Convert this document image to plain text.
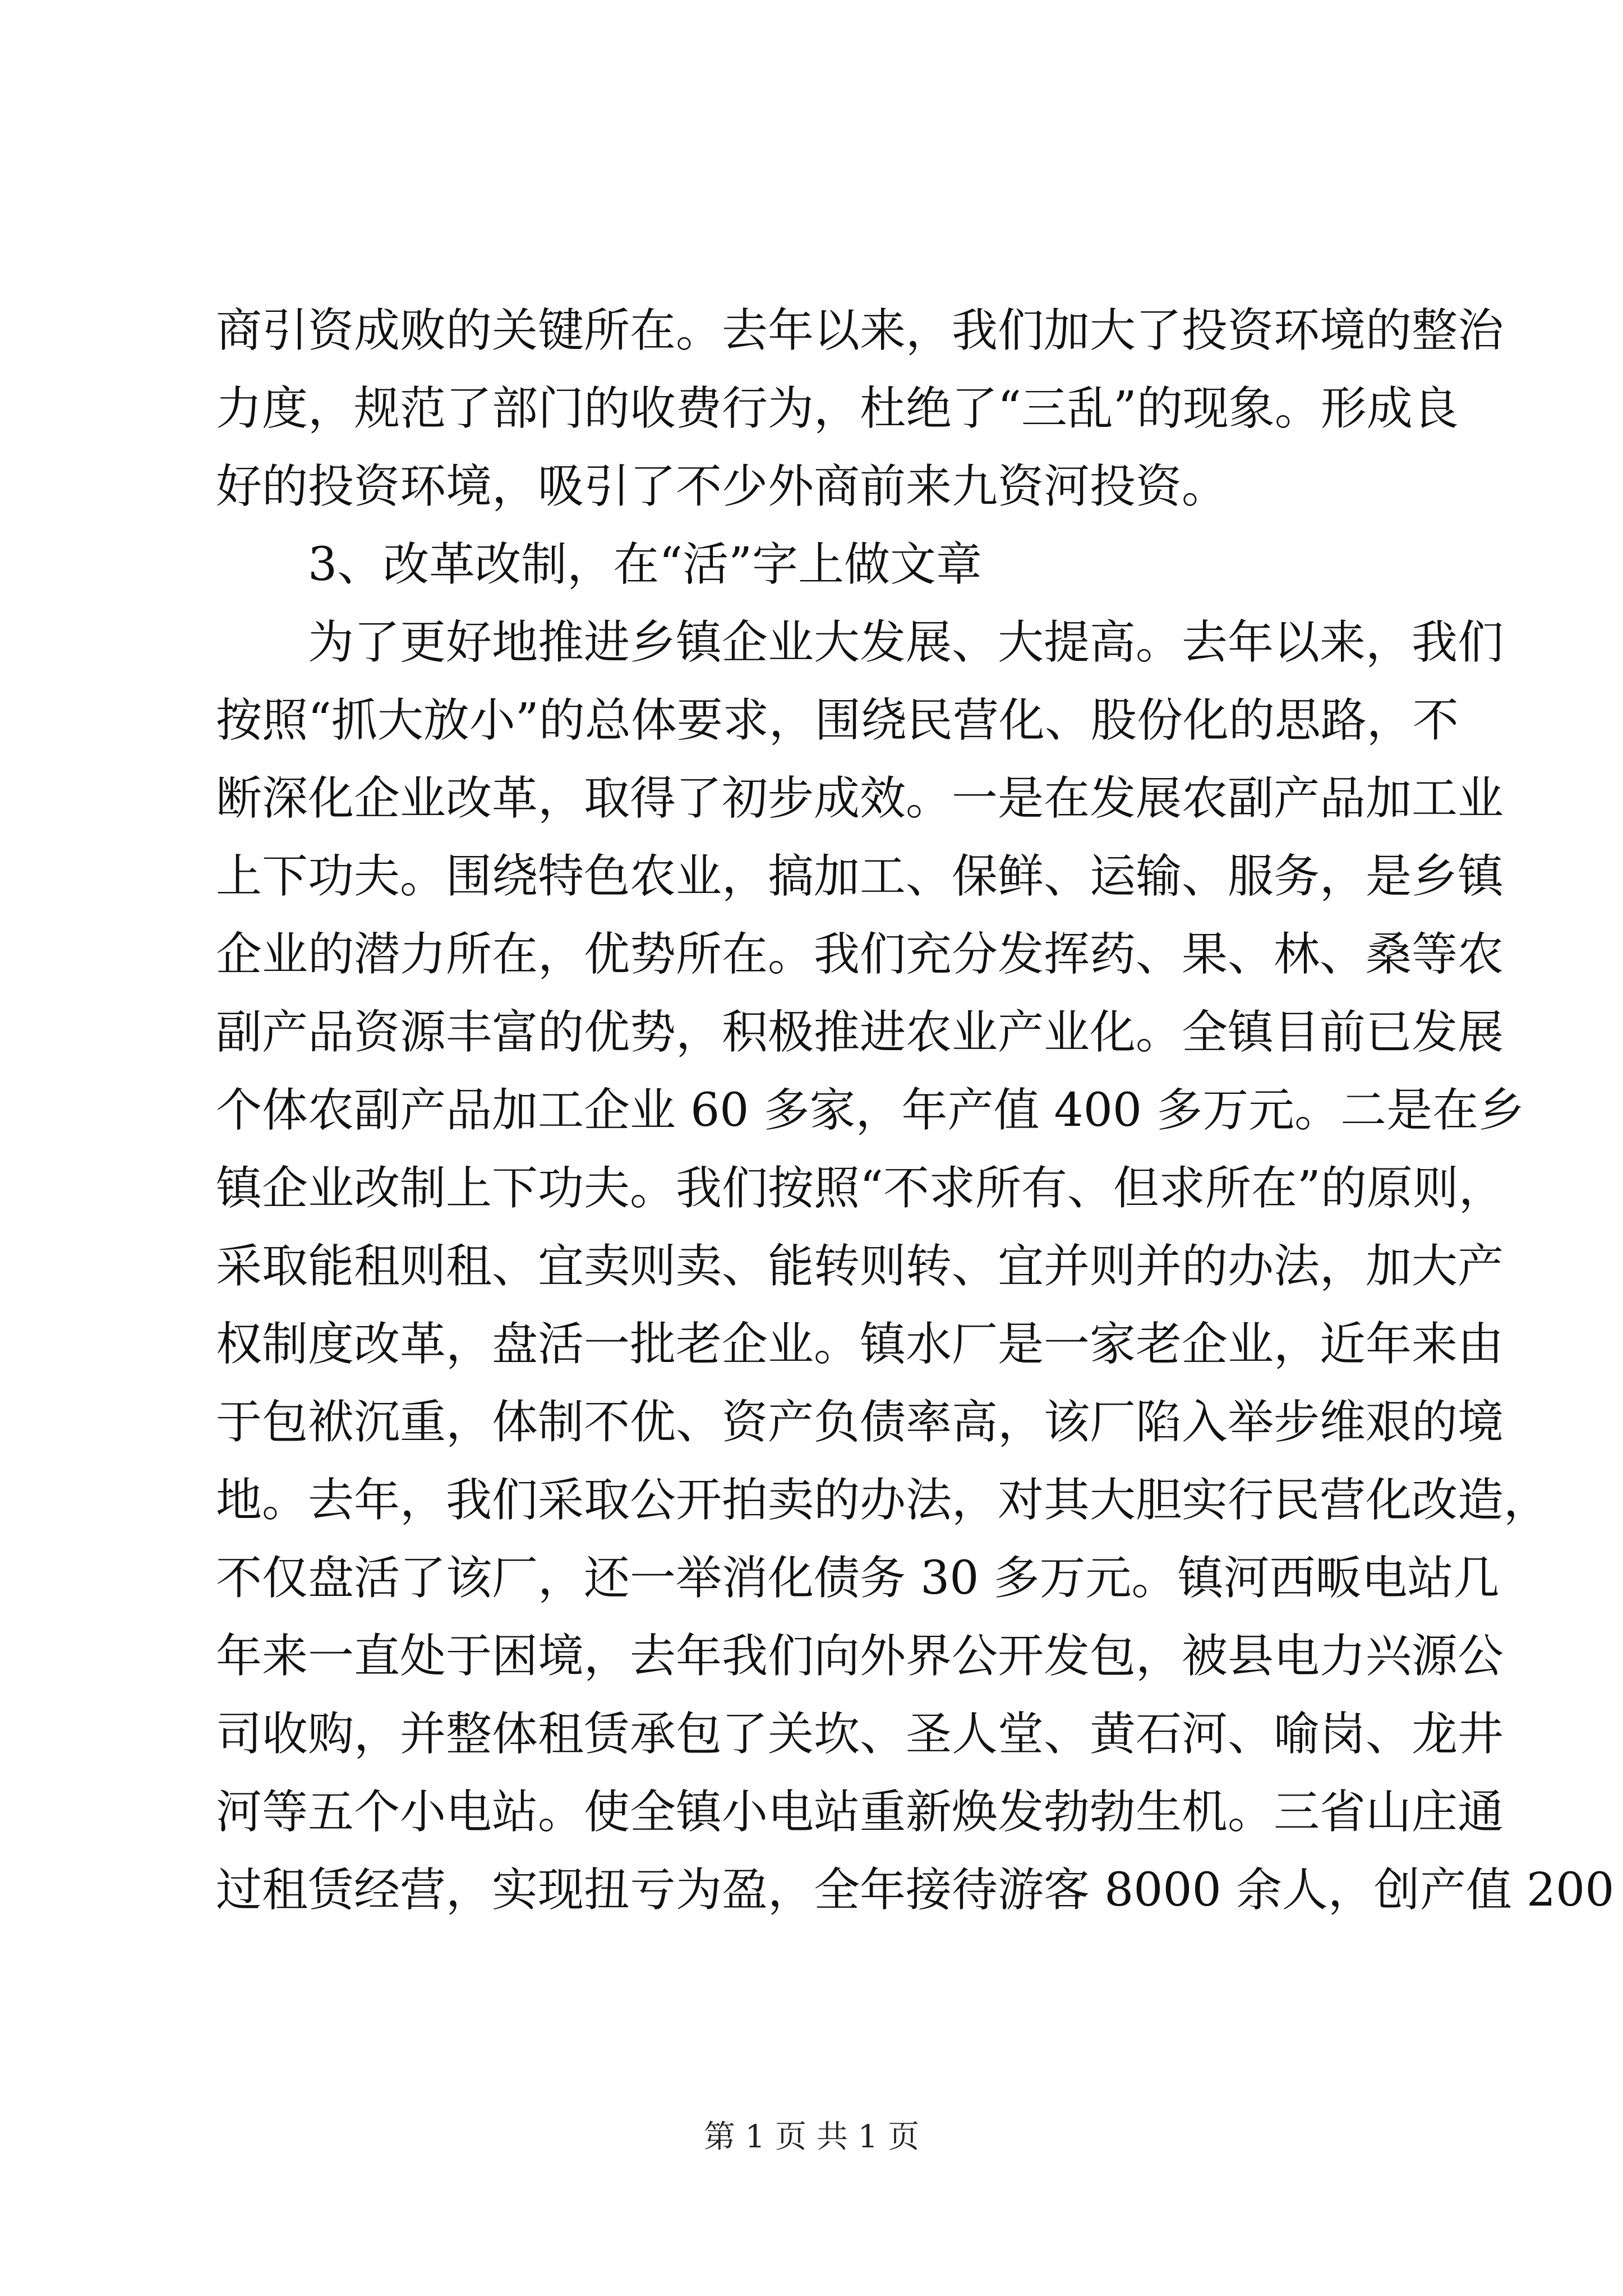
商引资成败的关键所在。去年以来，我们加大了投资环境的整治
力度，规范了部门的收费行为，杜绝了“三乱”的现象。形成良
好的投资环境，吸引了不少外商前来九资河投资。
3、改革改制，在“活”字上做文章
为了更好地推进乡镇企业大发展、大提高。去年以来，我们
按照“抓大放小”的总体要求，围绕民营化、股份化的思路，不
断深化企业改革，取得了初步成效。一是在发展农副产品加工业
上下功夫。围绕特色农业，搞加工、保鲜、运输、服务，是乡镇
企业的潜力所在，优势所在。我们充分发挥药、果、林、桑等农
副产品资源丰富的优势，积极推进农业产业化。全镇目前已发展
个体农副产品加工企业 60 多家，年产值 400 多万元。二是在乡
镇企业改制上下功夫。我们按照“不求所有、但求所在”的原则，
采取能租则租、宜卖则卖、能转则转、宜并则并的办法，加大产
权制度改革，盘活一批老企业。镇水厂是一家老企业，近年来由
于包袱沉重，体制不优、资产负债率高，该厂陷入举步维艰的境
地。去年，我们采取公开拍卖的办法，对其大胆实行民营化改造，
不仅盘活了该厂，还一举消化债务 30 多万元。镇河西畈电站几
年来一直处于困境，去年我们向外界公开发包，被县电力兴源公
司收购，并整体租赁承包了关坎、圣人堂、黄石河、喻岗、龙井
河等五个小电站。使全镇小电站重新焕发勃勃生机。三省山庄通
过租赁经营，实现扭亏为盈，全年接待游客 8000 余人，创产值 200
第 1 页 共 1 页
